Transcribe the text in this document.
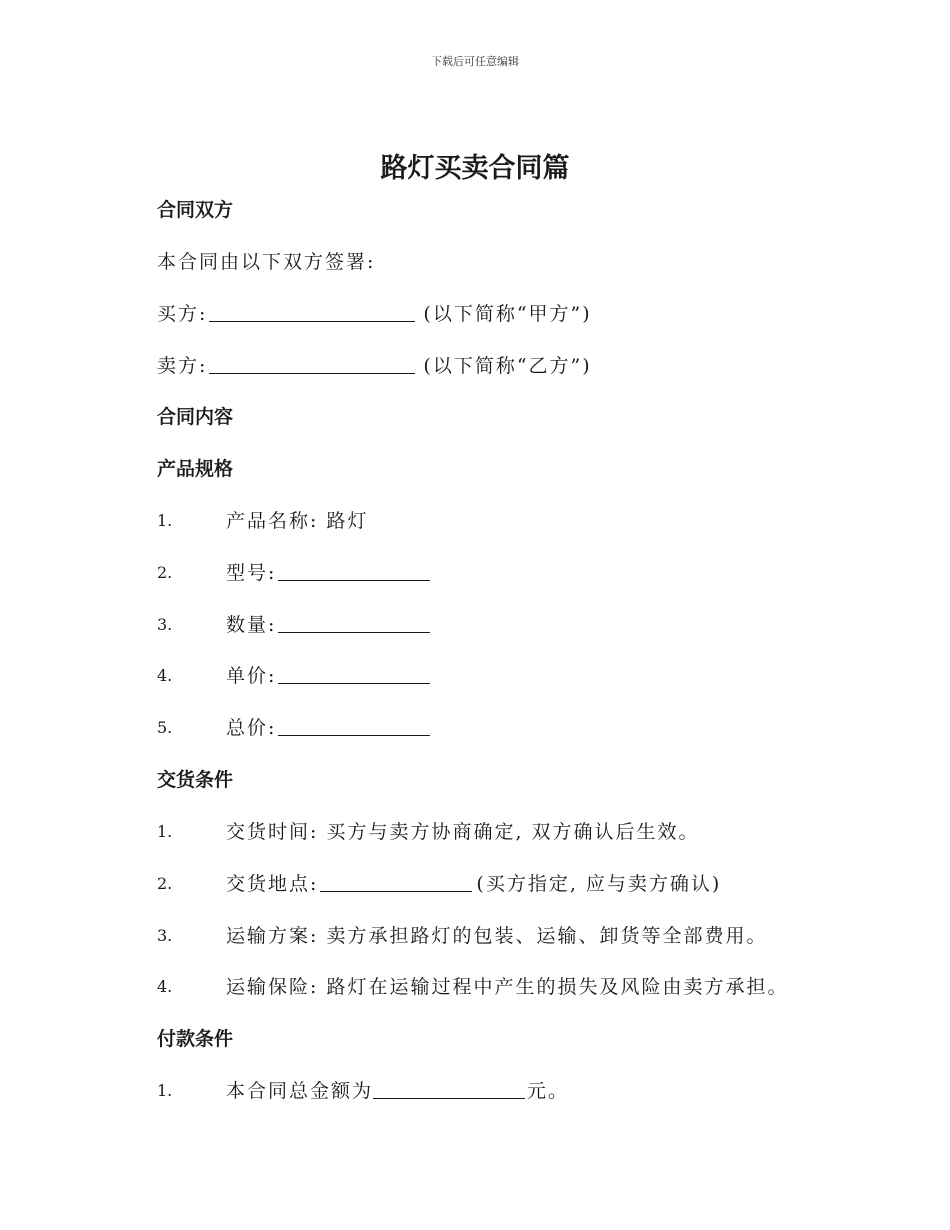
下载后可任意编辑
路灯买卖合同篇
合同双方
本合同由以下双方签署:
买方:	(以下简称“甲方”)
卖方:	(以下简称“乙方”)
合同内容
产品规格
1.	产品名称: 路灯
2.	型号:
3.	数量:
4.	单价:
5.	总价:
交货条件
1.	交货时间: 买方与卖方协商确定, 双方确认后生效。
2.	交货地点:	(买方指定, 应与卖方确认)
3.	运输方案: 卖方承担路灯的包装、运输、卸货等全部费用。
4.	运输保险: 路灯在运输过程中产生的损失及风险由卖方承担。
付款条件
1.	本合同总金额为	元。
